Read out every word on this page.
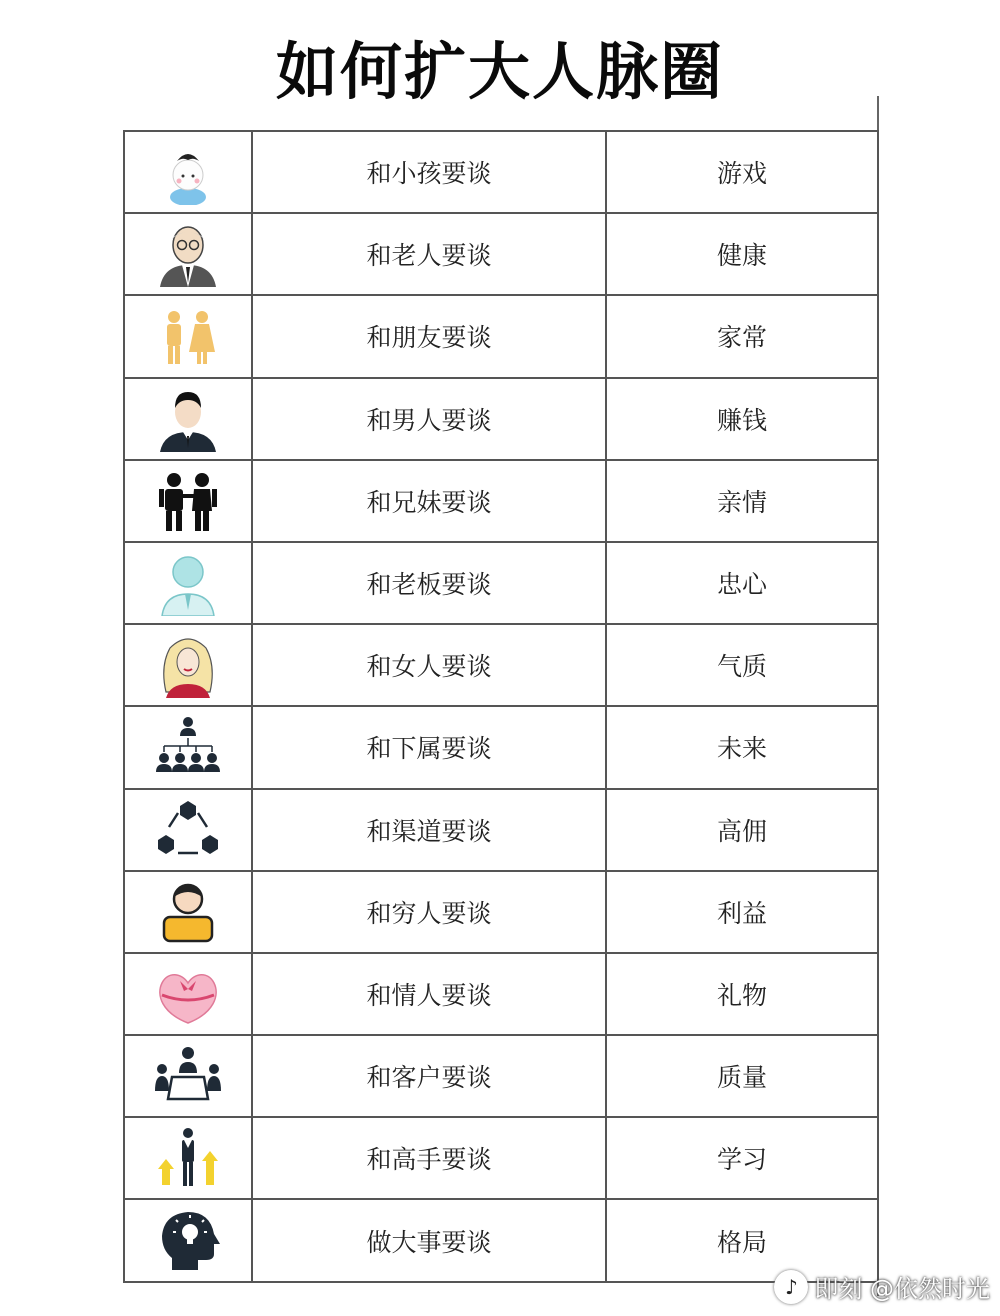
如何扩大人脉圈
和小孩要谈	游戏
和老人要谈	健康
和朋友要谈	家常
和男人要谈	赚钱
和兄妹要谈	亲情
和老板要谈	忠心
和女人要谈	气质
和下属要谈	未来
和渠道要谈	高佣
和穷人要谈	利益
和情人要谈	礼物
和客户要谈	质量
和高手要谈	学习
做大事要谈	格局
♪ 即刻 @依然时光
